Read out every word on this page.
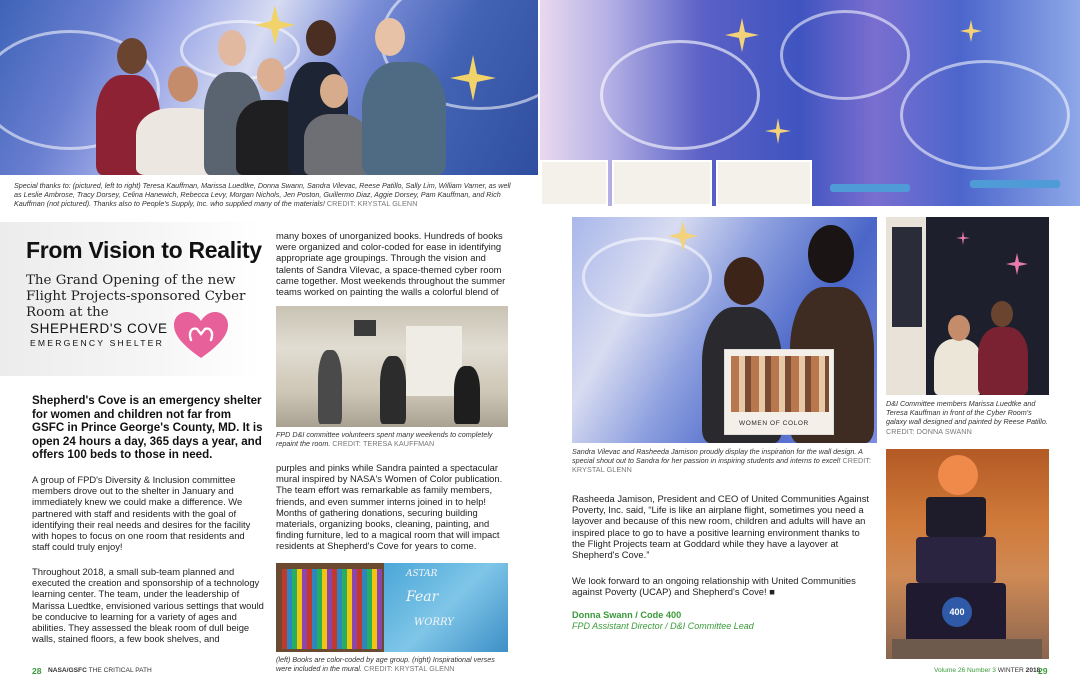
Special thanks to: (pictured, left to right) Teresa Kauffman, Marissa Luedtke, Donna Swann, Sandra Vilevac, Reese Patillo, Sally Lim, William Varner, as well as Leslie Ambrose, Tracy Dorsey, Celina Hanewich, Rebecca Levy, Morgan Nichols, Jen Poston, Guillermo Diaz, Aggie Dorsey, Pam Kauffman, and Rich Kauffman (not pictured). Thanks also to People's Supply, Inc. who supplied many of the materials! CREDIT: KRYSTAL GLENN
From Vision to Reality
The Grand Opening of the new Flight Projects-sponsored Cyber Room at the
SHEPHERD'S COVE
EMERGENCY SHELTER
Shepherd's Cove is an emergency shelter for women and children not far from GSFC in Prince George's County, MD. It is open 24 hours a day, 365 days a year, and offers 100 beds to those in need.
A group of FPD's Diversity & Inclusion committee members drove out to the shelter in January and immediately knew we could make a difference. We partnered with staff and residents with the goal of identifying their real needs and desires for the facility with hopes to focus on one room that residents and staff could truly enjoy!
Throughout 2018, a small sub-team planned and executed the creation and sponsorship of a technology learning center. The team, under the leadership of Marissa Luedtke, envisioned various settings that would be conducive to learning for a variety of ages and abilities. They assessed the bleak room of dull beige walls, stained floors, a few book shelves, and
many boxes of unorganized books. Hundreds of books were organized and color-coded for ease in identifying appropriate age groupings. Through the vision and talents of Sandra Vilevac, a space-themed cyber room came together. Most weekends throughout the summer teams worked on painting the walls a colorful blend of
FPD D&I committee volunteers spent many weekends to completely repaint the room. CREDIT: TERESA KAUFFMAN
purples and pinks while Sandra painted a spectacular mural inspired by NASA's Women of Color publication. The team effort was remarkable as family members, friends, and even summer interns joined in to help! Months of gathering donations, securing building materials, organizing books, cleaning, painting, and finding furniture, led to a magical room that will impact residents at Shepherd's Cove for years to come.
ASTAR
Fear
WORRY
(left) Books are color-coded by age group. (right) Inspirational verses were included in the mural. CREDIT: KRYSTAL GLENN
WOMEN OF COLOR
Sandra Vilevac and Rasheeda Jamison proudly display the inspiration for the wall design. A special shout out to Sandra for her passion in inspiring students and interns to excel! CREDIT: KRYSTAL GLENN
D&I Committee members Marissa Luedtke and Teresa Kauffman in front of the Cyber Room's galaxy wall designed and painted by Reese Patillo. CREDIT: DONNA SWANN
400
Rasheeda Jamison, President and CEO of United Communities Against Poverty, Inc. said, “Life is like an airplane flight, sometimes you need a layover and because of this new room, children and adults will have an inspired place to go to have a positive learning environment thanks to the Flight Projects team at Goddard while they have a layover at Shepherd's Cove.”
We look forward to an ongoing relationship with United Communities against Poverty (UCAP) and Shepherd's Cove! ■
Donna Swann / Code 400
FPD Assistant Director / D&I Committee Lead
28 NASA/GSFC THE CRITICAL PATH	Volume 26 Number 3 WINTER 2018
29
